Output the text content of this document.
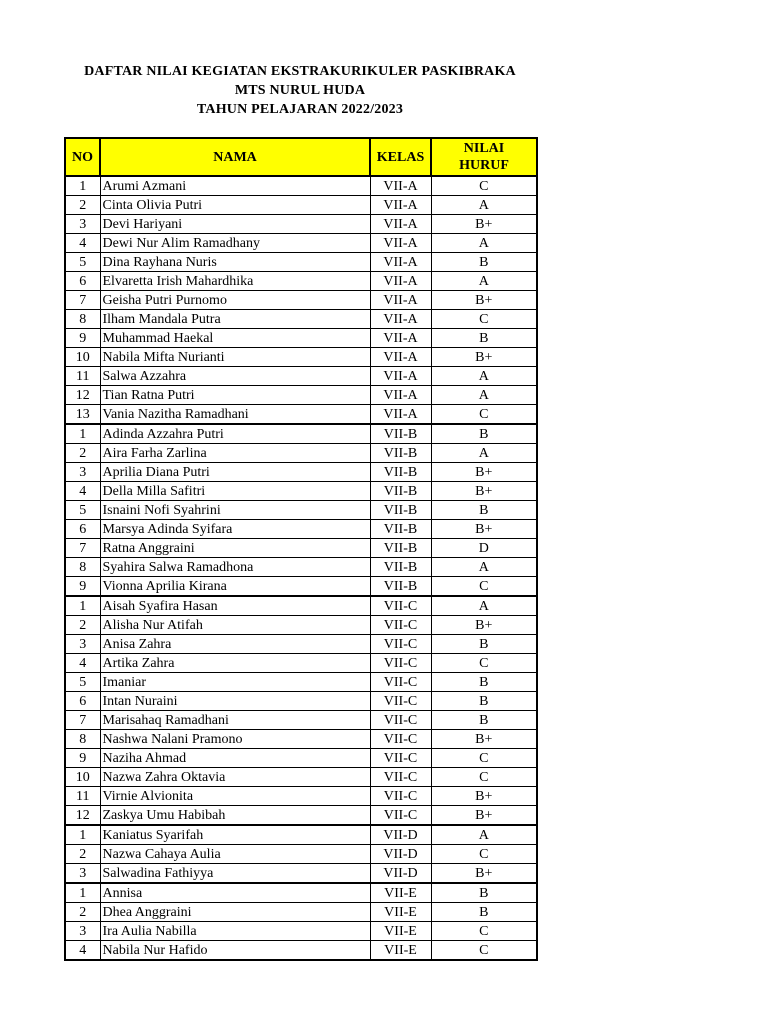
DAFTAR NILAI KEGIATAN EKSTRAKURIKULER PASKIBRAKA
MTS NURUL HUDA
TAHUN PELAJARAN 2022/2023
NO	NAMA	KELAS	NILAI
HURUF

1	Arumi Azmani	VII-A	C
2	Cinta Olivia Putri	VII-A	A
3	Devi Hariyani	VII-A	B+
4	Dewi Nur Alim Ramadhany	VII-A	A
5	Dina Rayhana Nuris	VII-A	B
6	Elvaretta Irish Mahardhika	VII-A	A
7	Geisha Putri Purnomo	VII-A	B+
8	Ilham Mandala Putra	VII-A	C
9	Muhammad Haekal	VII-A	B
10	Nabila Mifta Nurianti	VII-A	B+
11	Salwa Azzahra	VII-A	A
12	Tian Ratna Putri	VII-A	A
13	Vania Nazitha Ramadhani	VII-A	C
1	Adinda Azzahra Putri	VII-B	B
2	Aira Farha Zarlina	VII-B	A
3	Aprilia Diana Putri	VII-B	B+
4	Della Milla Safitri	VII-B	B+
5	Isnaini Nofi Syahrini	VII-B	B
6	Marsya Adinda Syifara	VII-B	B+
7	Ratna Anggraini	VII-B	D
8	Syahira Salwa Ramadhona	VII-B	A
9	Vionna Aprilia Kirana	VII-B	C
1	Aisah Syafira Hasan	VII-C	A
2	Alisha Nur Atifah	VII-C	B+
3	Anisa Zahra	VII-C	B
4	Artika Zahra	VII-C	C
5	Imaniar	VII-C	B
6	Intan Nuraini	VII-C	B
7	Marisahaq Ramadhani	VII-C	B
8	Nashwa Nalani Pramono	VII-C	B+
9	Naziha Ahmad	VII-C	C
10	Nazwa Zahra Oktavia	VII-C	C
11	Virnie Alvionita	VII-C	B+
12	Zaskya Umu Habibah	VII-C	B+
1	Kaniatus Syarifah	VII-D	A
2	Nazwa Cahaya Aulia	VII-D	C
3	Salwadina Fathiyya	VII-D	B+
1	Annisa	VII-E	B
2	Dhea Anggraini	VII-E	B
3	Ira Aulia Nabilla	VII-E	C
4	Nabila Nur Hafido	VII-E	C
